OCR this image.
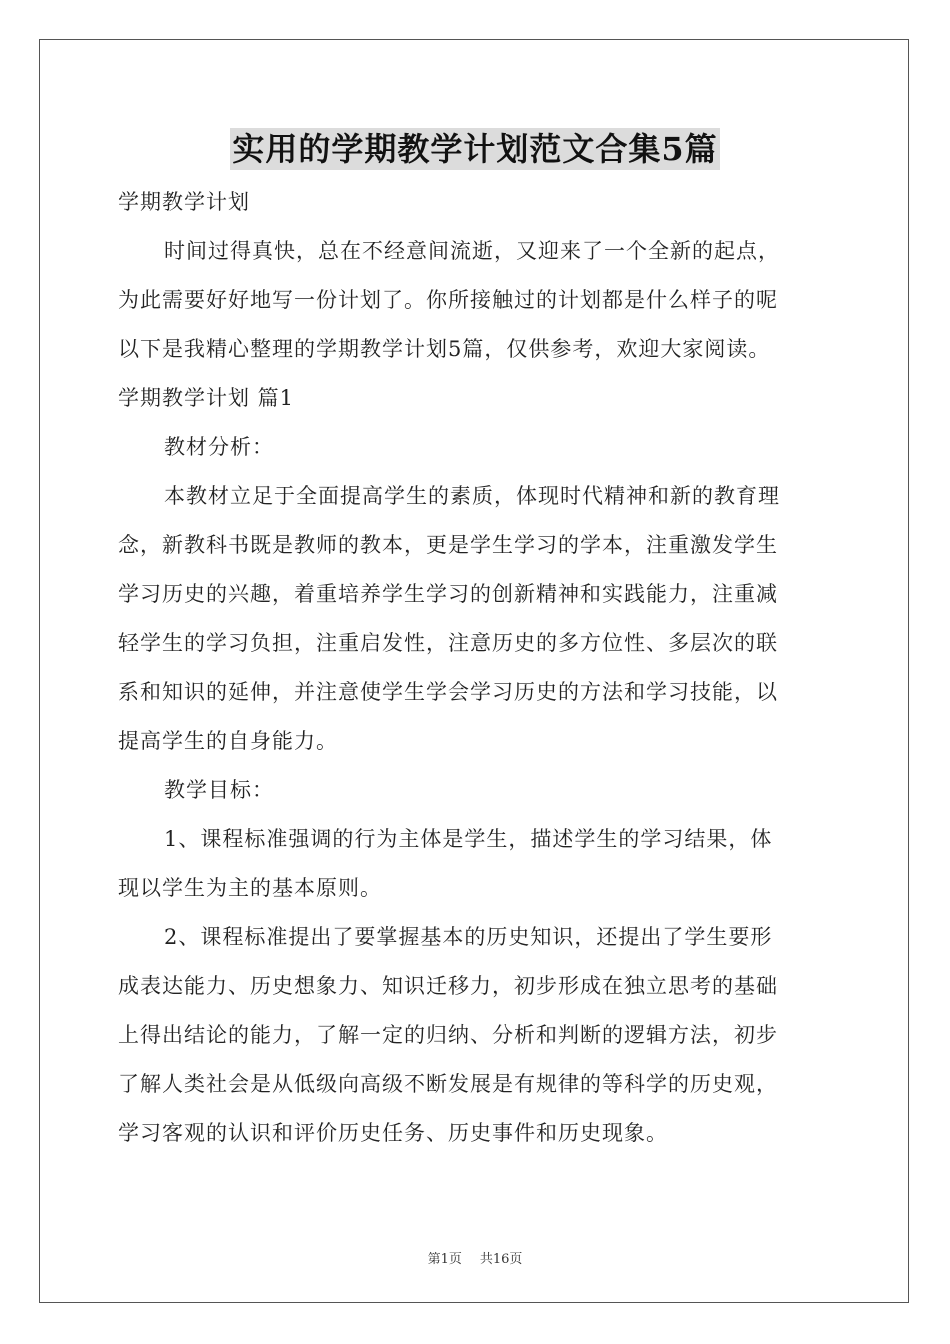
实用的学期教学计划范文合集5篇
学期教学计划
时间过得真快，总在不经意间流逝，又迎来了一个全新的起点，
为此需要好好地写一份计划了。你所接触过的计划都是什么样子的呢
以下是我精心整理的学期教学计划5篇，仅供参考，欢迎大家阅读。
学期教学计划 篇1
教材分析：
本教材立足于全面提高学生的素质，体现时代精神和新的教育理
念，新教科书既是教师的教本，更是学生学习的学本，注重激发学生
学习历史的兴趣，着重培养学生学习的创新精神和实践能力，注重减
轻学生的学习负担，注重启发性，注意历史的多方位性、多层次的联
系和知识的延伸，并注意使学生学会学习历史的方法和学习技能，以
提高学生的自身能力。
教学目标：
1、课程标准强调的行为主体是学生，描述学生的学习结果，体
现以学生为主的基本原则。
2、课程标准提出了要掌握基本的历史知识，还提出了学生要形
成表达能力、历史想象力、知识迁移力，初步形成在独立思考的基础
上得出结论的能力，了解一定的归纳、分析和判断的逻辑方法，初步
了解人类社会是从低级向高级不断发展是有规律的等科学的历史观，
学习客观的认识和评价历史任务、历史事件和历史现象。
第1页 共16页
